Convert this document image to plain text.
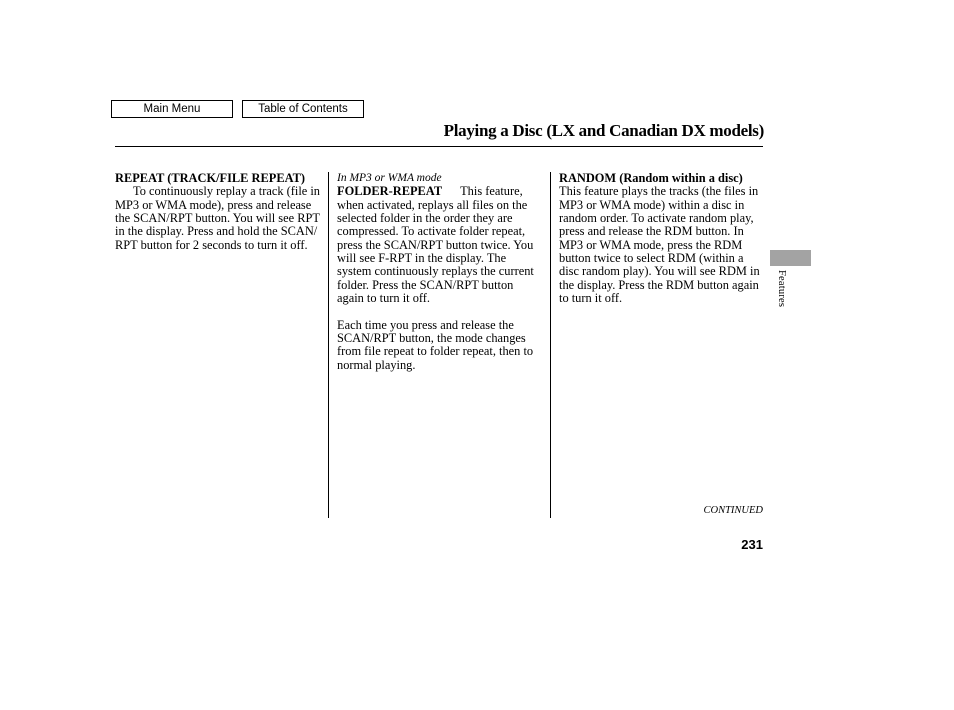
Main Menu	Table of Contents
Playing a Disc (LX and Canadian DX models)

REPEAT (TRACK/FILE REPEAT)To continuously replay a track (file in MP3 or WMA mode), press and release the SCAN/RPT button. You will see RPT in the display. Press and hold the SCAN/ RPT button for 2 seconds to turn it off.

In MP3 or WMA mode

FOLDER-REPEAT This feature, when activated, replays all files on the selected folder in the order they are compressed. To activate folder repeat, press the SCAN/RPT button twice. You will see F-RPT in the display. The system continuously replays the current folder. Press the SCAN/RPT button again to turn it off.

Each time you press and release the SCAN/RPT button, the mode changes from file repeat to folder repeat, then to normal playing.

RANDOM (Random within a disc)This feature plays the tracks (the files in MP3 or WMA mode) within a disc in random order. To activate random play, press and release the RDM button. In MP3 or WMA mode, press the RDM button twice to select RDM (within a disc random play). You will see RDM in the display. Press the RDM button again to turn it off.	Features
CONTINUED
231
